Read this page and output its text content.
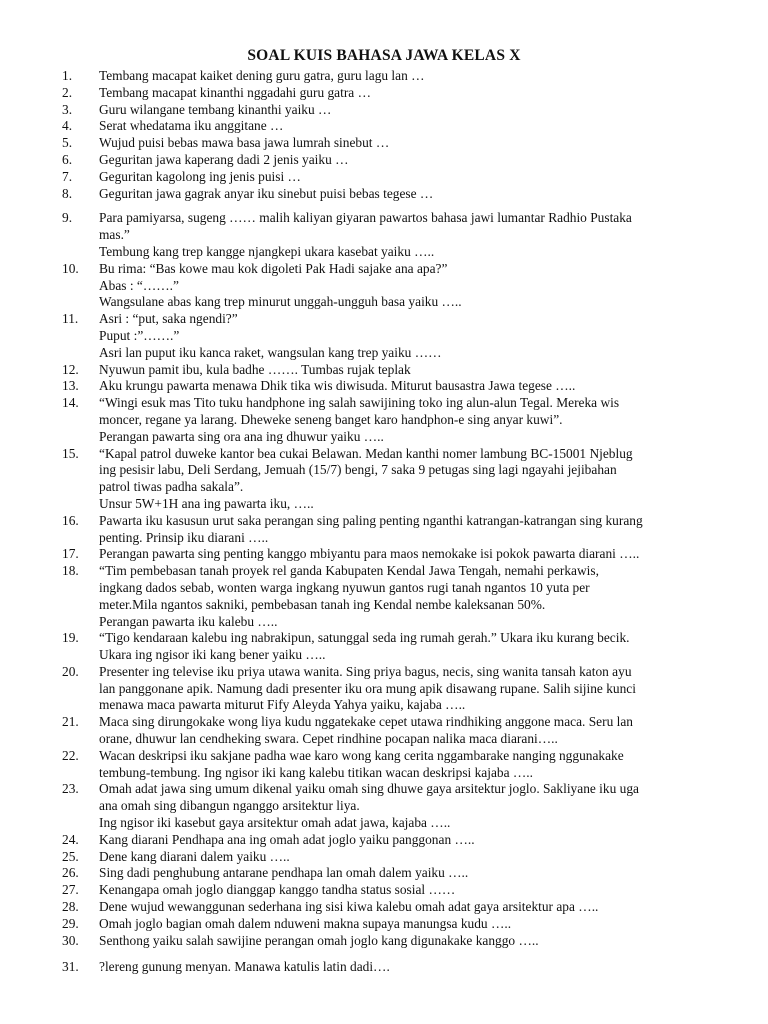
SOAL KUIS BAHASA JAWA KELAS X
1.	Tembang macapat kaiket dening guru gatra, guru lagu lan …
2.	Tembang macapat kinanthi nggadahi guru gatra …
3.	Guru wilangane tembang kinanthi yaiku …
4.	Serat whedatama iku anggitane …
5.	Wujud puisi bebas mawa basa jawa lumrah sinebut …
6.	Geguritan jawa kaperang dadi 2 jenis yaiku …
7.	Geguritan kagolong ing jenis puisi …
8.	Geguritan jawa gagrak anyar iku sinebut puisi bebas tegese …
9.	Para pamiyarsa, sugeng …… malih kaliyan giyaran pawartos bahasa jawi lumantar Radhio Pustaka
mas.”
Tembung kang trep kangge njangkepi ukara kasebat yaiku …..
10.	Bu rima: “Bas kowe mau kok digoleti Pak Hadi sajake ana apa?”
Abas : “…….”
Wangsulane abas kang trep minurut unggah-ungguh basa yaiku …..
11.	Asri : “put, saka ngendi?”
Puput :”…….”
Asri lan puput iku kanca raket, wangsulan kang trep yaiku ……
12.	Nyuwun pamit ibu, kula badhe ……. Tumbas rujak teplak
13.	Aku krungu pawarta menawa Dhik tika wis diwisuda. Miturut bausastra Jawa tegese …..
14.	“Wingi esuk mas Tito tuku handphone ing salah sawijining toko ing alun-alun Tegal. Mereka wis
moncer, regane ya larang. Dheweke seneng banget karo handphon-e sing anyar kuwi”.
Perangan pawarta sing ora ana ing dhuwur yaiku …..
15.	“Kapal patrol duweke kantor bea cukai Belawan. Medan kanthi nomer lambung BC-15001 Njeblug
ing pesisir labu, Deli Serdang, Jemuah (15/7) bengi, 7 saka 9 petugas sing lagi ngayahi jejibahan
patrol tiwas padha sakala”.
Unsur 5W+1H ana ing pawarta iku, …..
16.	Pawarta iku kasusun urut saka perangan sing paling penting nganthi katrangan-katrangan sing kurang
penting. Prinsip iku diarani …..
17.	Perangan pawarta sing penting kanggo mbiyantu para maos nemokake isi pokok pawarta diarani …..
18.	“Tim pembebasan tanah proyek rel ganda Kabupaten Kendal Jawa Tengah, nemahi perkawis,
ingkang dados sebab, wonten warga ingkang nyuwun gantos rugi tanah ngantos 10 yuta per
meter.Mila ngantos sakniki, pembebasan tanah ing Kendal nembe kaleksanan 50%.
Perangan pawarta iku kalebu …..
19.	“Tigo kendaraan kalebu ing nabrakipun, satunggal seda ing rumah gerah.” Ukara iku kurang becik.
Ukara ing ngisor iki kang bener yaiku …..
20.	Presenter ing televise iku priya utawa wanita. Sing priya bagus, necis, sing wanita tansah katon ayu
lan panggonane apik. Namung dadi presenter iku ora mung apik disawang rupane. Salih sijine kunci
menawa maca pawarta miturut Fify Aleyda Yahya yaiku, kajaba …..
21.	Maca sing dirungokake wong liya kudu nggatekake cepet utawa rindhiking anggone maca. Seru lan
orane, dhuwur lan cendheking swara. Cepet rindhine pocapan nalika maca diarani…..
22.	Wacan deskripsi iku sakjane padha wae karo wong kang cerita nggambarake nanging nggunakake
tembung-tembung. Ing ngisor iki kang kalebu titikan wacan deskripsi kajaba …..
23.	Omah adat jawa sing umum dikenal yaiku omah sing dhuwe gaya arsitektur joglo. Sakliyane iku uga
ana omah sing dibangun nganggo arsitektur liya.
Ing ngisor iki kasebut gaya arsitektur omah adat jawa, kajaba …..
24.	Kang diarani Pendhapa ana ing omah adat joglo yaiku panggonan …..
25.	Dene kang diarani dalem yaiku …..
26.	Sing dadi penghubung antarane pendhapa lan omah dalem yaiku …..
27.	Kenangapa omah joglo dianggap kanggo tandha status sosial ……
28.	Dene wujud wewanggunan sederhana ing sisi kiwa kalebu omah adat gaya arsitektur apa …..
29.	Omah joglo bagian omah dalem nduweni makna supaya manungsa kudu …..
30.	Senthong yaiku salah sawijine perangan omah joglo kang digunakake kanggo …..
31.	?lereng gunung menyan. Manawa katulis latin dadi….
